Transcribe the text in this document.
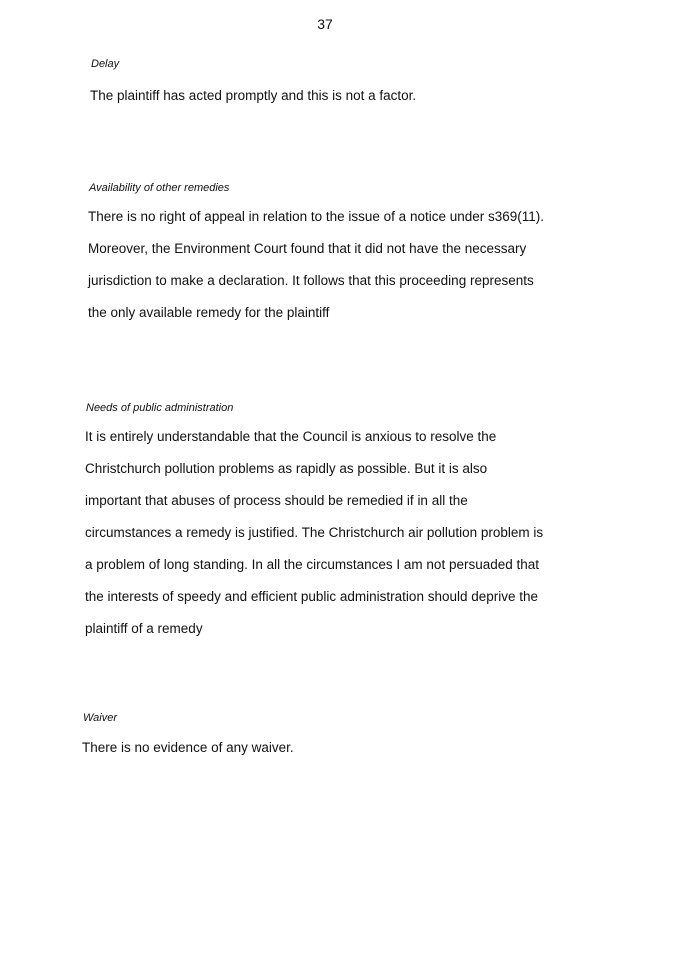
37
Delay
The plaintiff has acted promptly and this is not a factor.
Availability of other remedies
There is no right of appeal in relation to the issue of a notice under s369(11).
Moreover, the Environment Court found that it did not have the necessary
jurisdiction to make a declaration. It follows that this proceeding represents
the only available remedy for the plaintiff
Needs of public administration
It is entirely understandable that the Council is anxious to resolve the
Christchurch pollution problems as rapidly as possible. But it is also
important that abuses of process should be remedied if in all the
circumstances a remedy is justified. The Christchurch air pollution problem is
a problem of long standing. In all the circumstances I am not persuaded that
the interests of speedy and efficient public administration should deprive the
plaintiff of a remedy
Waiver
There is no evidence of any waiver.
